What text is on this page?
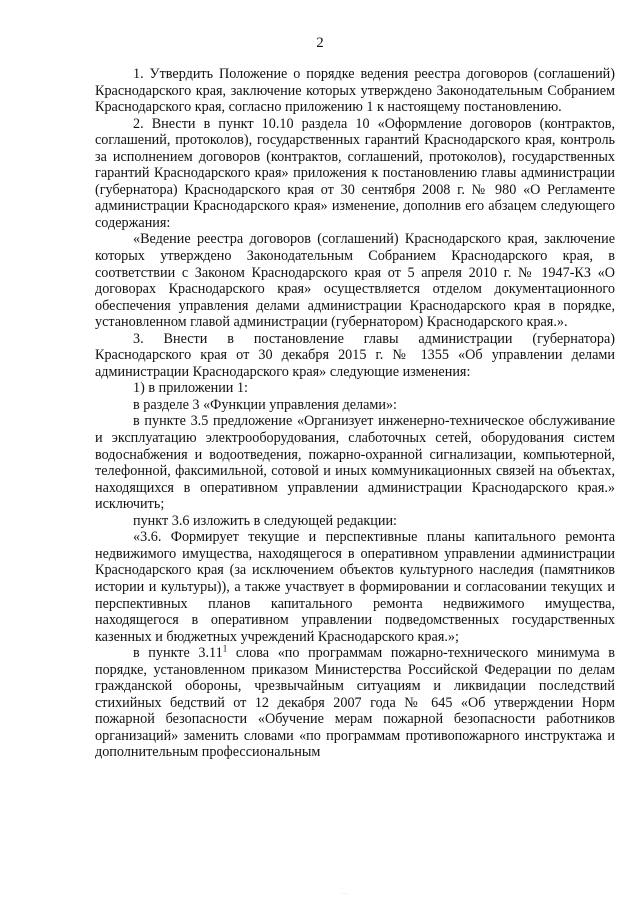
2

1. Утвердить Положение о порядке ведения реестра договоров (соглашений) Краснодарского края, заключение которых утверждено Законодательным Собранием Краснодарского края, согласно приложению 1 к настоящему постановлению.

2. Внести в пункт 10.10 раздела 10 «Оформление договоров (контрактов, соглашений, протоколов), государственных гарантий Краснодарского края, контроль за исполнением договоров (контрактов, соглашений, протоколов), государственных гарантий Краснодарского края» приложения к постановлению главы администрации (губернатора) Краснодарского края от 30 сентября 2008 г. № 980 «О Регламенте администрации Краснодарского края» изменение, дополнив его абзацем следующего содержания:

«Ведение реестра договоров (соглашений) Краснодарского края, заключение которых утверждено Законодательным Собранием Краснодарского края, в соответствии с Законом Краснодарского края от 5 апреля 2010 г. № 1947-КЗ «О договорах Краснодарского края» осуществляется отделом документационного обеспечения управления делами администрации Краснодарского края в порядке, установленном главой администрации (губернатором) Краснодарского края.».

3. Внести в постановление главы администрации (губернатора) Краснодарского края от 30 декабря 2015 г. № 1355 «Об управлении делами администрации Краснодарского края» следующие изменения:

1) в приложении 1:

в разделе 3 «Функции управления делами»:

в пункте 3.5 предложение «Организует инженерно-техническое обслуживание и эксплуатацию электрооборудования, слаботочных сетей, оборудования систем водоснабжения и водоотведения, пожарно-охранной сигнализации, компьютерной, телефонной, факсимильной, сотовой и иных коммуникационных связей на объектах, находящихся в оперативном управлении администрации Краснодарского края.» исключить;

пункт 3.6 изложить в следующей редакции:

«3.6. Формирует текущие и перспективные планы капитального ремонта недвижимого имущества, находящегося в оперативном управлении администрации Краснодарского края (за исключением объектов культурного наследия (памятников истории и культуры)), а также участвует в формировании и согласовании текущих и перспективных планов капитального ремонта недвижимого имущества, находящегося в оперативном управлении подведомственных государственных казенных и бюджетных учреждений Краснодарского края.»;

в пункте 3.11$^1$ слова «по программам пожарно-технического минимума в порядке, установленном приказом Министерства Российской Федерации по делам гражданской обороны, чрезвычайным ситуациям и ликвидации последствий стихийных бедствий от 12 декабря 2007 года № 645 «Об утверждении Норм пожарной безопасности «Обучение мерам пожарной безопасности работников организаций» заменить словами «по программам противопожарного инструктажа и дополнительным профессиональным

˙˙˙
